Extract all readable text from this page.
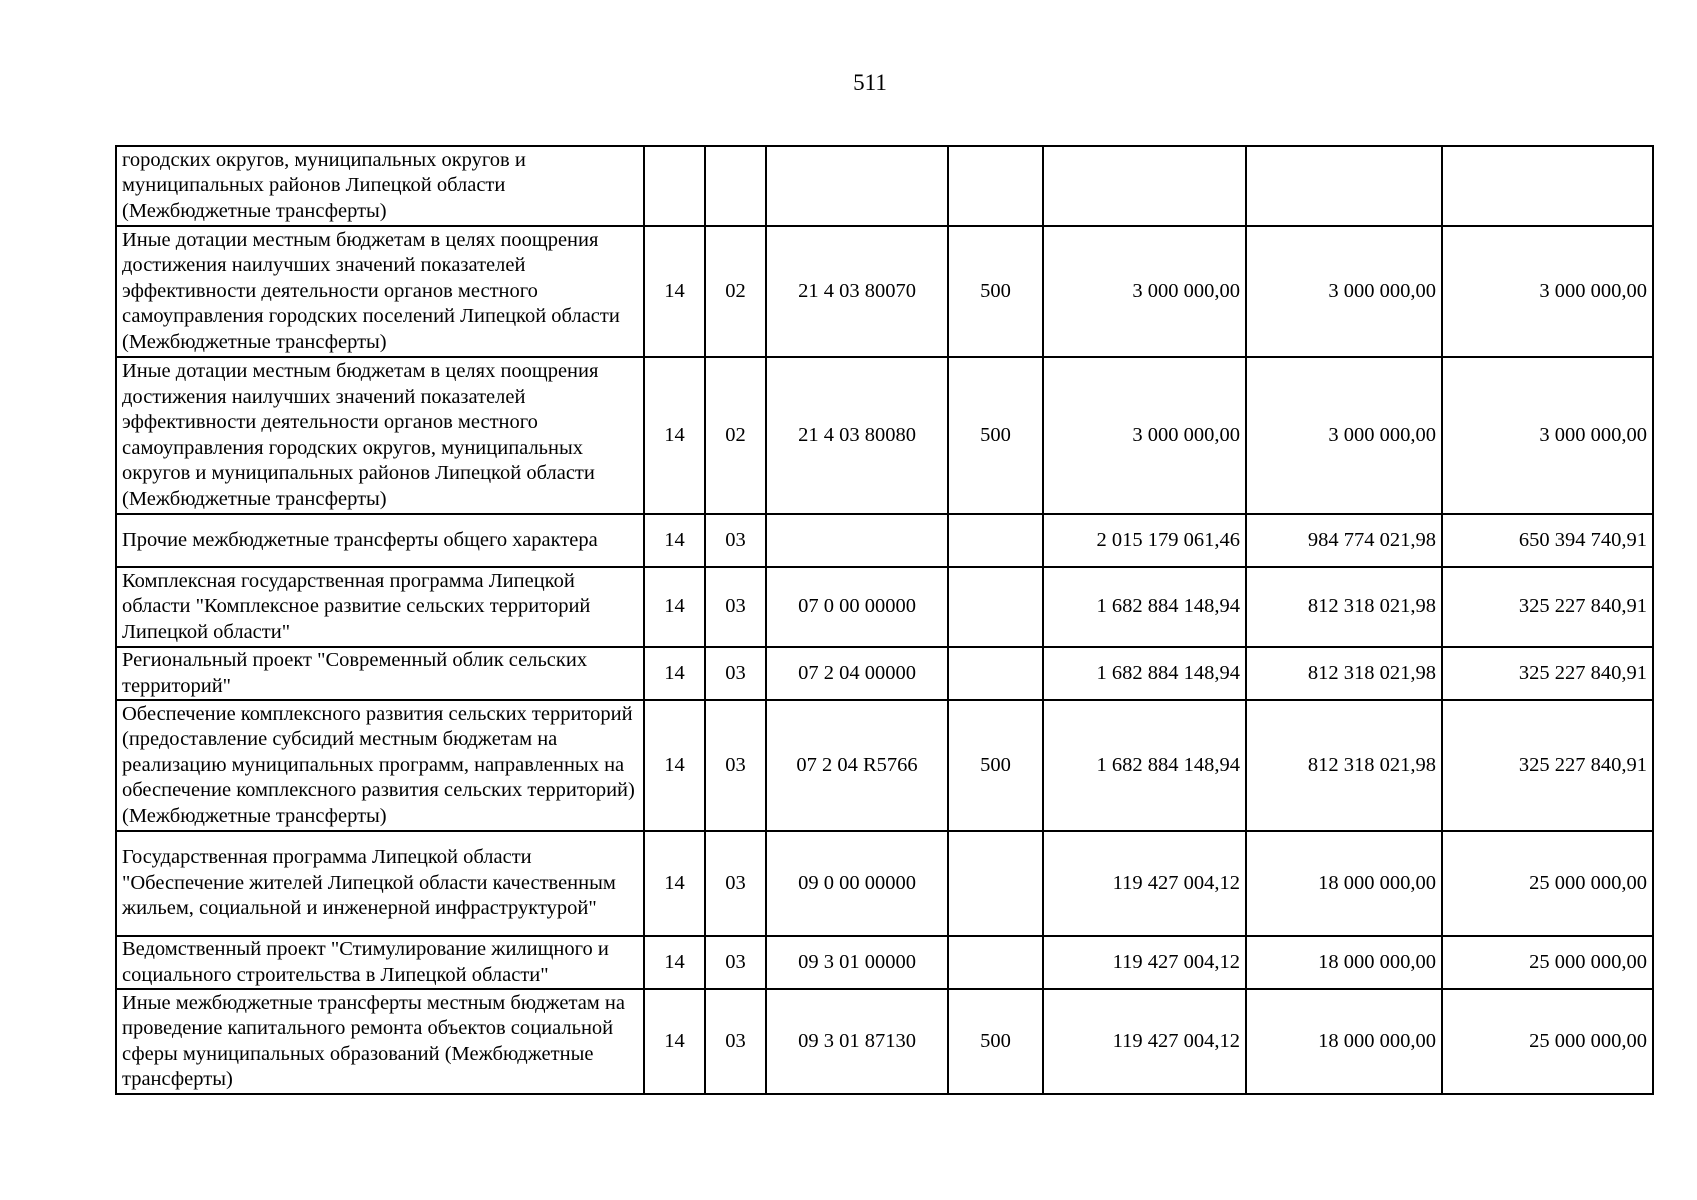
511
городских округов, муниципальных округов и муниципальных районов Липецкой области (Межбюджетные трансферты)							
Иные дотации местным бюджетам в целях поощрения достижения наилучших значений показателей эффективности деятельности органов местного самоуправления городских поселений Липецкой области (Межбюджетные трансферты)	14	02	21 4 03 80070	500	3 000 000,00	3 000 000,00	3 000 000,00
Иные дотации местным бюджетам в целях поощрения достижения наилучших значений показателей эффективности деятельности органов местного самоуправления городских округов, муниципальных округов и муниципальных районов Липецкой области (Межбюджетные трансферты)	14	02	21 4 03 80080	500	3 000 000,00	3 000 000,00	3 000 000,00
Прочие межбюджетные трансферты общего характера	14	03			2 015 179 061,46	984 774 021,98	650 394 740,91
Комплексная государственная программа Липецкой области "Комплексное развитие сельских территорий Липецкой области"	14	03	07 0 00 00000		1 682 884 148,94	812 318 021,98	325 227 840,91
Региональный проект "Современный облик сельских территорий"	14	03	07 2 04 00000		1 682 884 148,94	812 318 021,98	325 227 840,91
Обеспечение комплексного развития сельских территорий (предоставление субсидий местным бюджетам на реализацию муниципальных программ, направленных на обеспечение комплексного развития сельских территорий) (Межбюджетные трансферты)	14	03	07 2 04 R5766	500	1 682 884 148,94	812 318 021,98	325 227 840,91
Государственная программа Липецкой области "Обеспечение жителей Липецкой области качественным жильем, социальной и инженерной инфраструктурой"	14	03	09 0 00 00000		119 427 004,12	18 000 000,00	25 000 000,00
Ведомственный проект "Стимулирование жилищного и социального строительства в Липецкой области"	14	03	09 3 01 00000		119 427 004,12	18 000 000,00	25 000 000,00
Иные межбюджетные трансферты местным бюджетам на проведение капитального ремонта объектов социальной сферы муниципальных образований (Межбюджетные трансферты)	14	03	09 3 01 87130	500	119 427 004,12	18 000 000,00	25 000 000,00
